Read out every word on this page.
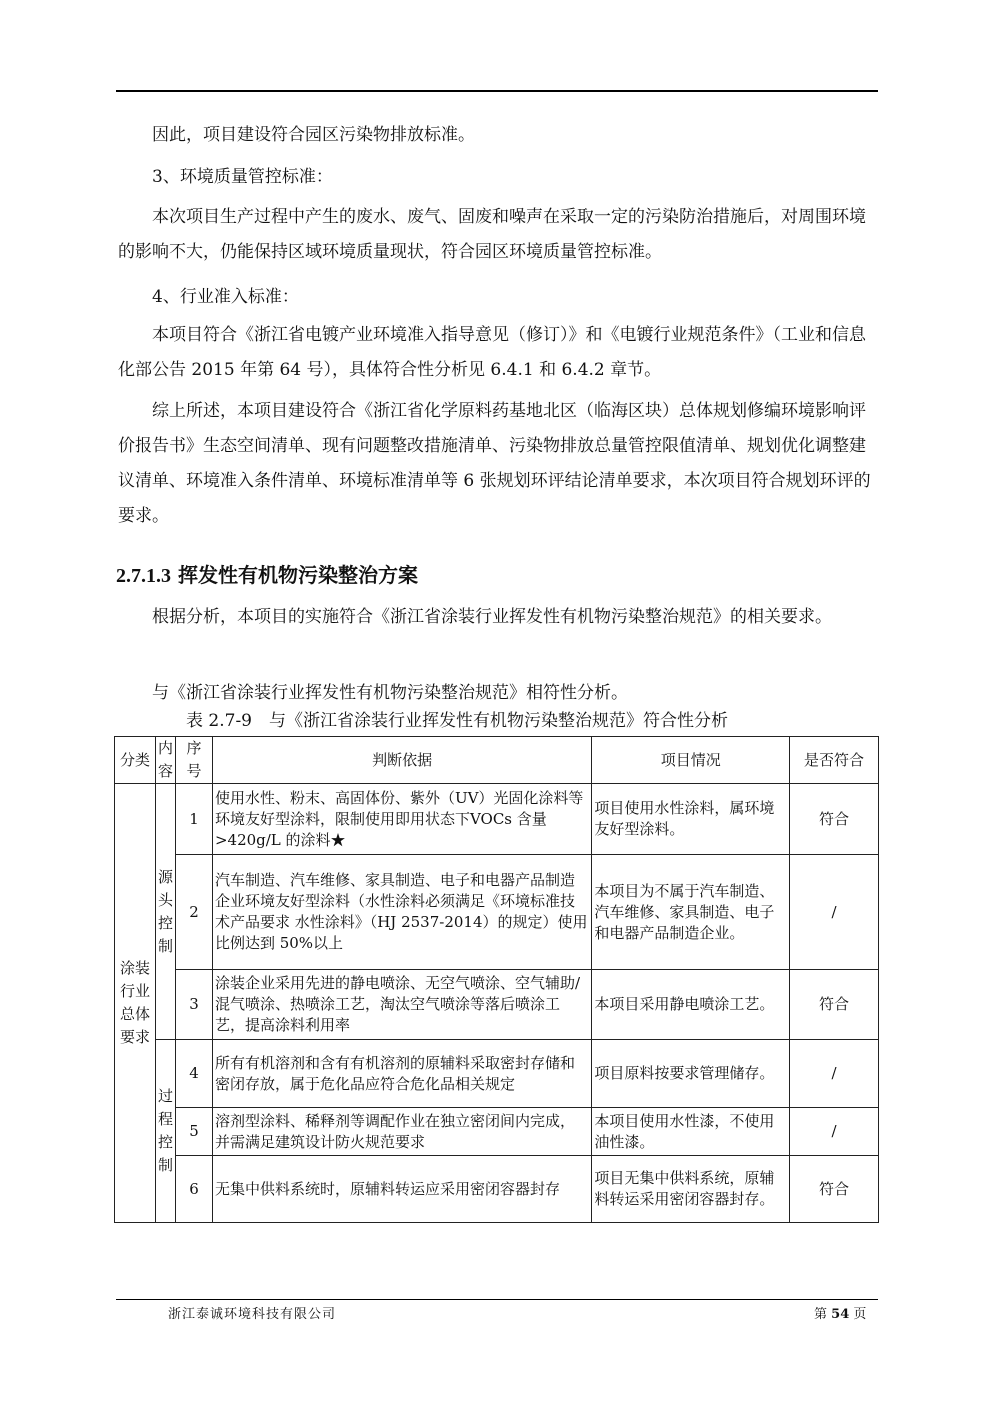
因此，项目建设符合园区污染物排放标准。

3、环境质量管控标准：

本次项目生产过程中产生的废水、废气、固废和噪声在采取一定的污染防治措施后，对周围环境的影响不大，仍能保持区域环境质量现状，符合园区环境质量管控标准。

4、行业准入标准：

本项目符合《浙江省电镀产业环境准入指导意见（修订）》和《电镀行业规范条件》（工业和信息化部公告 2015 年第 64 号），具体符合性分析见 6.4.1 和 6.4.2 章节。

综上所述，本项目建设符合《浙江省化学原料药基地北区（临海区块）总体规划修编环境影响评价报告书》生态空间清单、现有问题整改措施清单、污染物排放总量管控限值清单、规划优化调整建议清单、环境准入条件清单、环境标准清单等 6 张规划环评结论清单要求，本次项目符合规划环评的要求。

2.7.1.3 挥发性有机物污染整治方案

根据分析，本项目的实施符合《浙江省涂装行业挥发性有机物污染整治规范》的相关要求。

与《浙江省涂装行业挥发性有机物污染整治规范》相符性分析。

表 2.7-9　与《浙江省涂装行业挥发性有机物污染整治规范》符合性分析

分类	内容	序号	判断依据	项目情况	是否符合

涂装行业总体要求	源头控制	1	使用水性、粉末、高固体份、紫外（UV）光固化涂料等环境友好型涂料，限制使用即用状态下VOCs 含量>420g/L 的涂料★	项目使用水性涂料，属环境友好型涂料。	符合
		2	汽车制造、汽车维修、家具制造、电子和电器产品制造企业环境友好型涂料（水性涂料必须满足《环境标准技术产品要求 水性涂料》（HJ 2537-2014）的规定）使用比例达到 50%以上	本项目为不属于汽车制造、汽车维修、家具制造、电子和电器产品制造企业。	/
		3	涂装企业采用先进的静电喷涂、无空气喷涂、空气辅助/混气喷涂、热喷涂工艺，淘汰空气喷涂等落后喷涂工艺，提高涂料利用率	本项目采用静电喷涂工艺。	符合

	过程控制	4	所有有机溶剂和含有有机溶剂的原辅料采取密封存储和密闭存放，属于危化品应符合危化品相关规定	项目原料按要求管理储存。	/
		5	溶剂型涂料、稀释剂等调配作业在独立密闭间内完成，并需满足建筑设计防火规范要求	本项目使用水性漆，不使用油性漆。	/
		6	无集中供料系统时，原辅料转运应采用密闭容器封存	项目无集中供料系统，原辅料转运采用密闭容器封存。	符合
浙江泰诚环境科技有限公司	第 54 页
